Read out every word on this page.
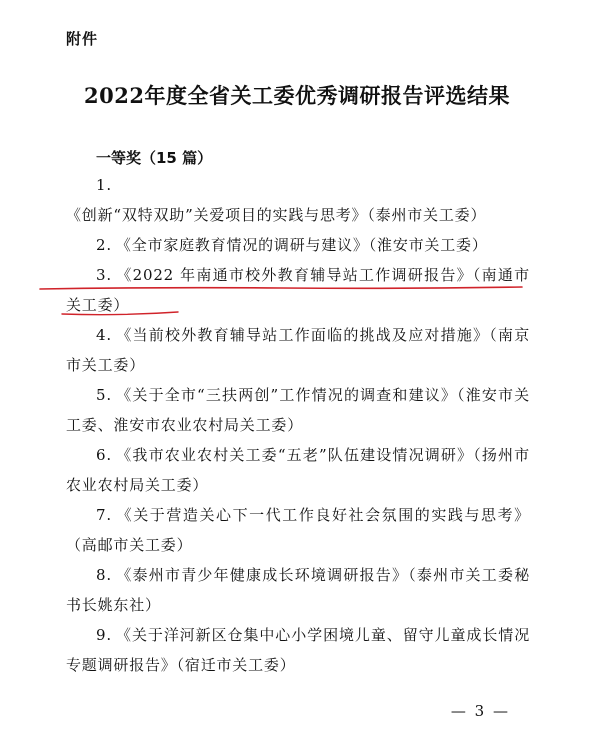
附件
2022年度全省关工委优秀调研报告评选结果
一等奖（15 篇）
1.《创新“双特双助”关爱项目的实践与思考》（泰州市关工委）
2. 《全市家庭教育情况的调研与建议》（淮安市关工委）
3. 《2022 年南通市校外教育辅导站工作调研报告》（南通市关工委）
4. 《当前校外教育辅导站工作面临的挑战及应对措施》（南京市关工委）
5. 《关于全市“三扶两创”工作情况的调查和建议》（淮安市关工委、淮安市农业农村局关工委）
6. 《我市农业农村关工委“五老”队伍建设情况调研》（扬州市农业农村局关工委）
7. 《关于营造关心下一代工作良好社会氛围的实践与思考》（高邮市关工委）
8. 《泰州市青少年健康成长环境调研报告》（泰州市关工委秘书长姚东社）
9. 《关于洋河新区仓集中心小学困境儿童、留守儿童成长情况专题调研报告》（宿迁市关工委）
— 3 —
